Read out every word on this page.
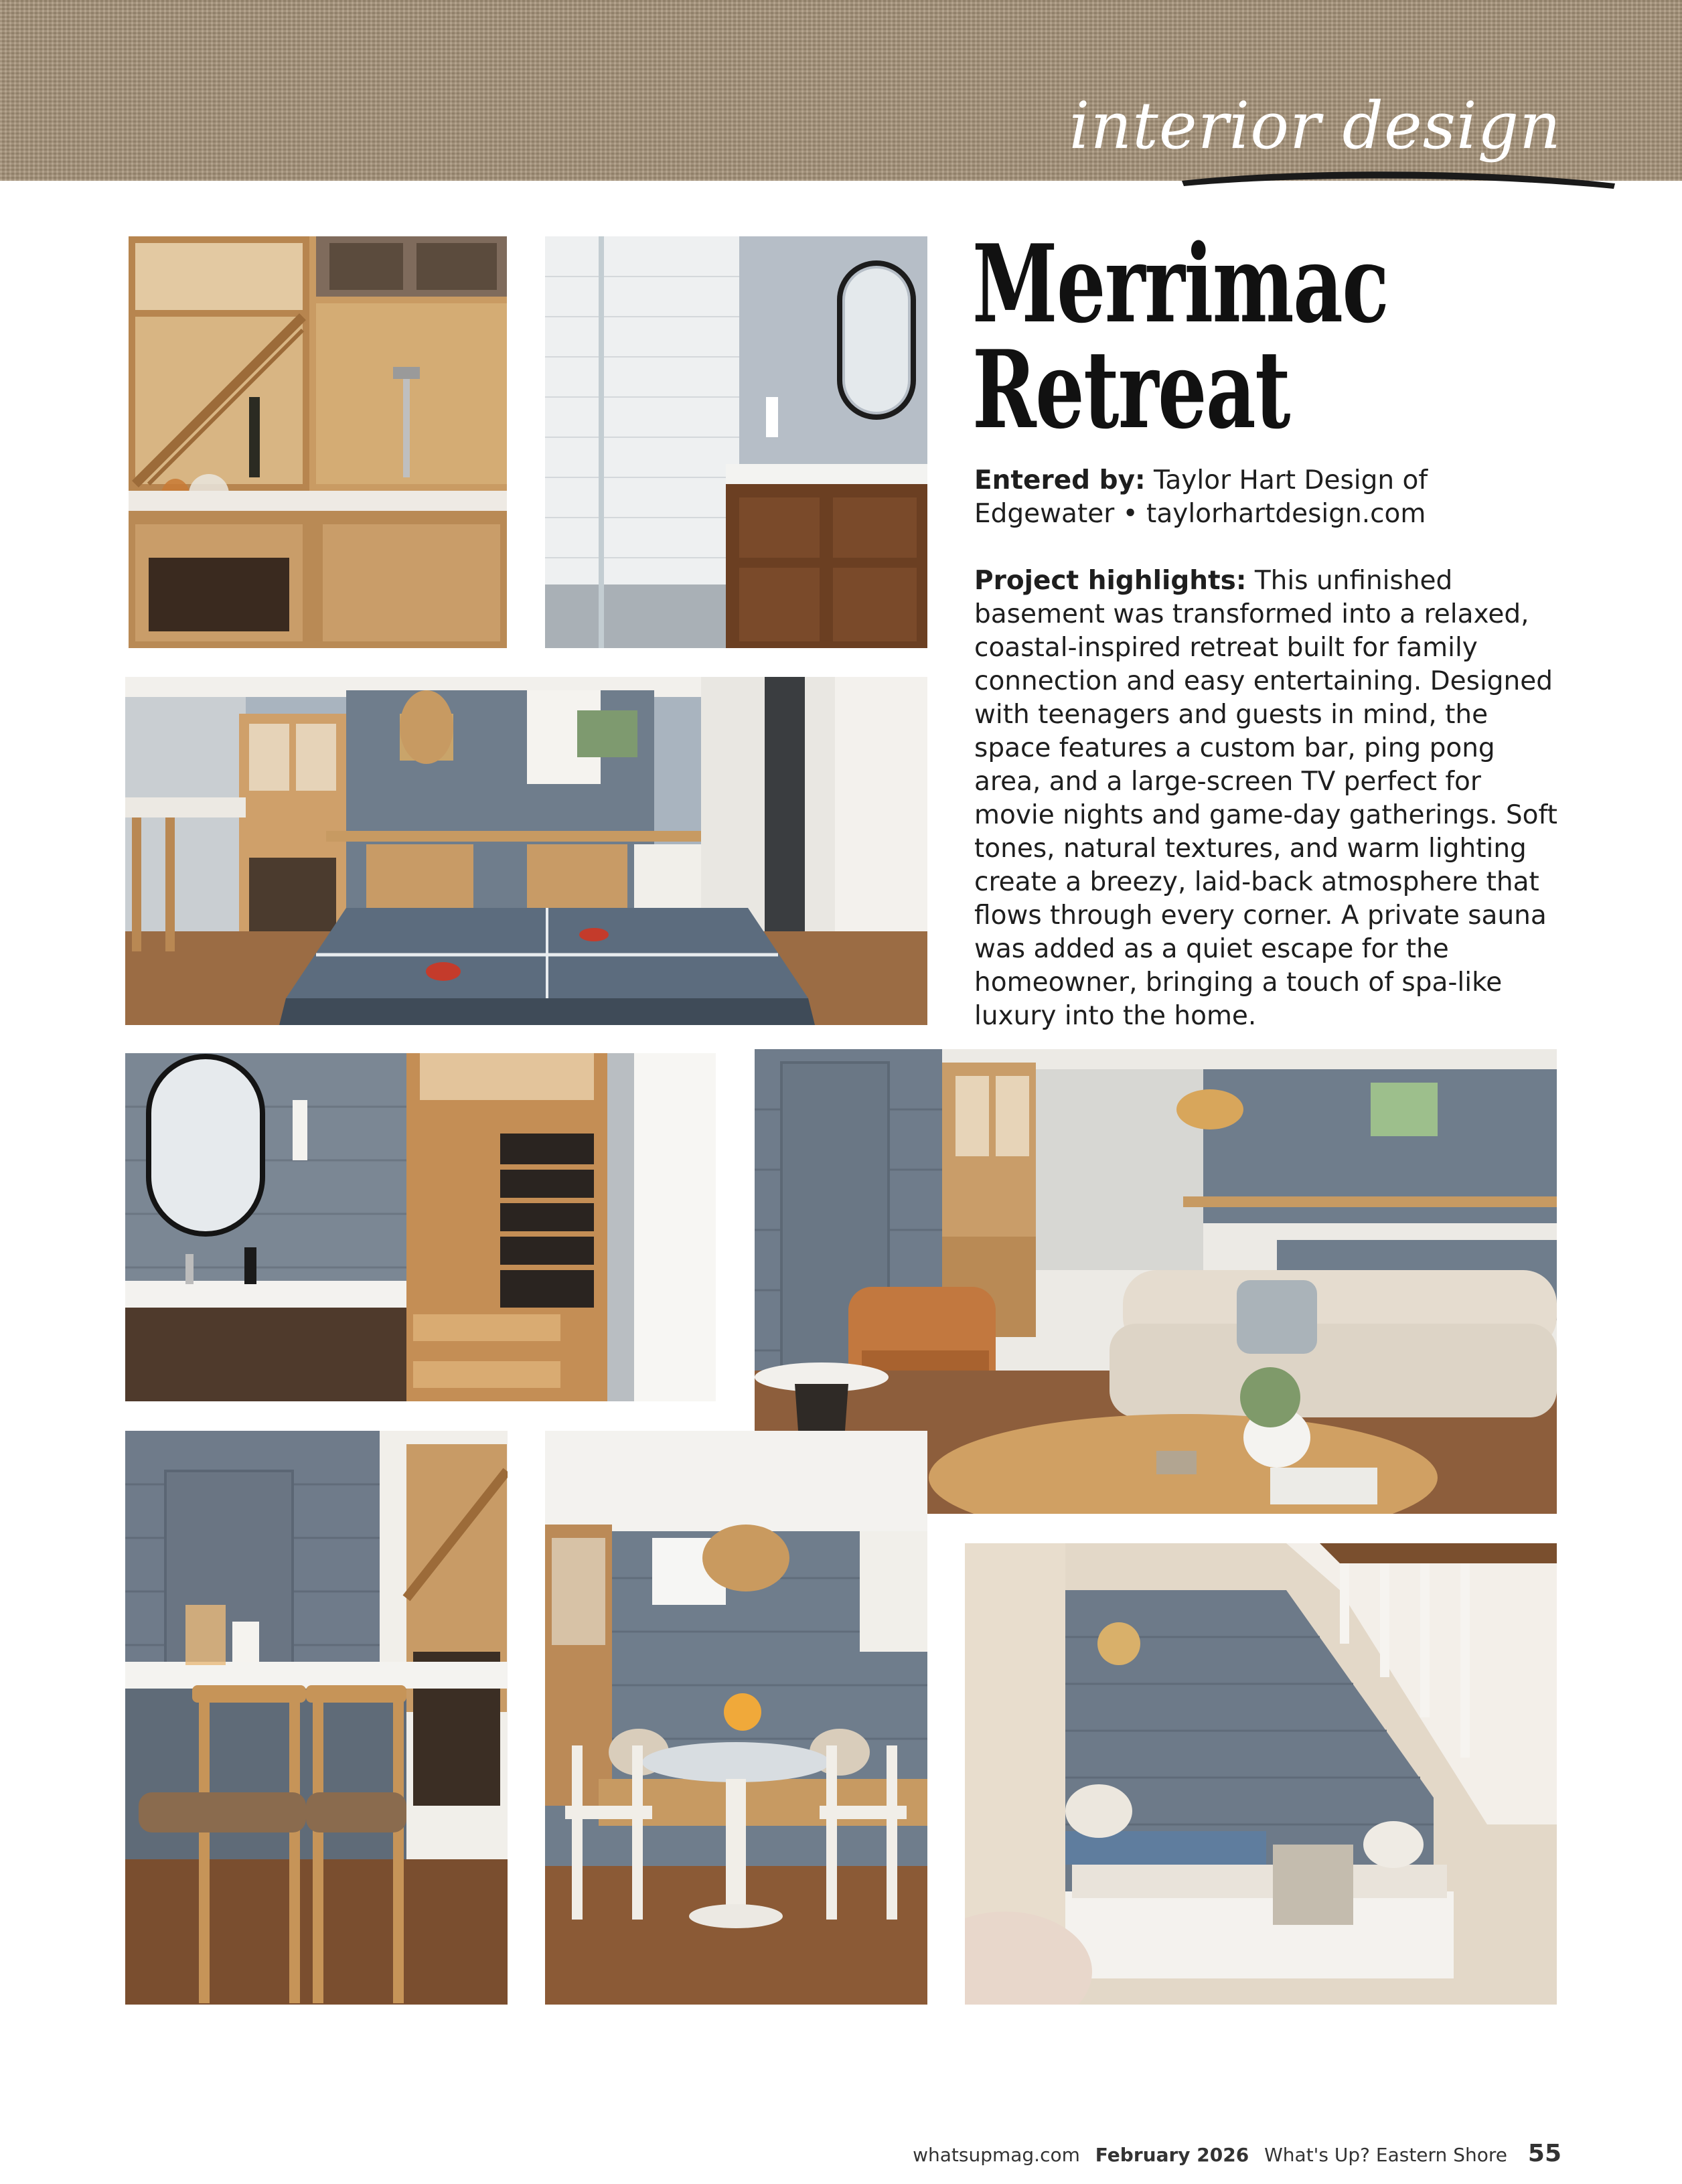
interior design
Merrimac
Retreat
Entered by: Taylor Hart Design of Edgewater • taylorhartdesign.com
Project highlights: This unfinished basement was transformed into a relaxed, coastal-inspired retreat built for family connection and easy entertaining. Designed with teenagers and guests in mind, the space features a custom bar, ping pong area, and a large-screen TV perfect for movie nights and game-day gatherings. Soft tones, natural textures, and warm lighting create a breezy, laid-back atmosphere that flows through every corner. A private sauna was added as a quiet escape for the homeowner, bringing a touch of spa-like luxury into the home.
whatsupmag.com February 2026 What's Up? Eastern Shore 55
